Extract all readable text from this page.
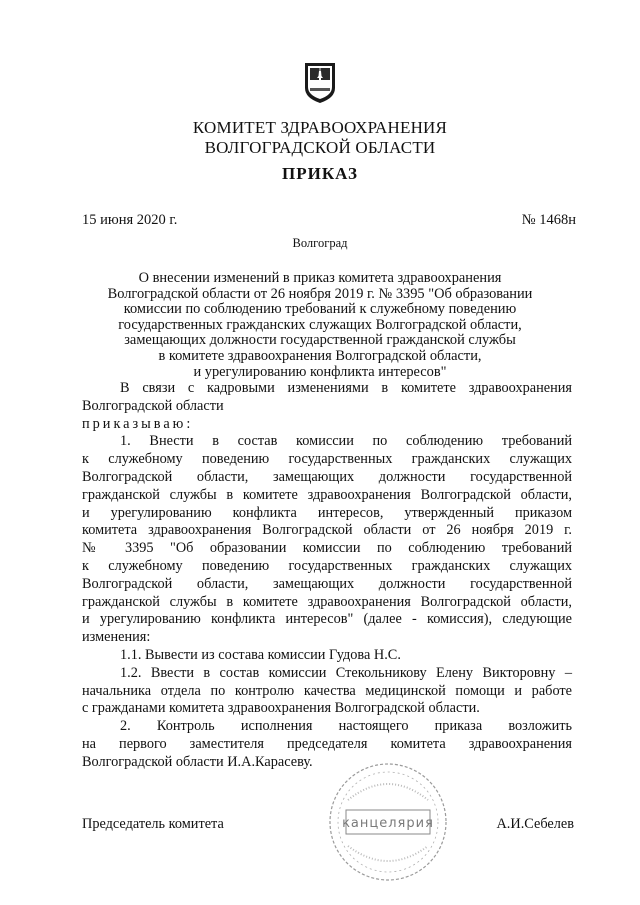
КОМИТЕТ ЗДРАВООХРАНЕНИЯ
ВОЛГОГРАДСКОЙ ОБЛАСТИ
ПРИКАЗ
15 июня 2020 г.	№ 1468н
Волгоград
О внесении изменений в приказ комитета здравоохранения
Волгоградской области от 26 ноября 2019 г. № 3395 "Об образовании
комиссии по соблюдению требований к служебному поведению
государственных гражданских служащих Волгоградской области,
замещающих должности государственной гражданской службы
в комитете здравоохранения Волгоградской области,
и урегулированию конфликта интересов"
В связи с кадровыми изменениями в комитете здравоохранения
Волгоградской области
приказываю:
1. Внести в состав комиссии по соблюдению требований
к служебному поведению государственных гражданских служащих
Волгоградской области, замещающих должности государственной
гражданской службы в комитете здравоохранения Волгоградской области,
и урегулированию конфликта интересов, утвержденный приказом
комитета здравоохранения Волгоградской области от 26 ноября 2019 г.
№ 3395 "Об образовании комиссии по соблюдению требований
к служебному поведению государственных гражданских служащих
Волгоградской области, замещающих должности государственной
гражданской службы в комитете здравоохранения Волгоградской области,
и урегулированию конфликта интересов" (далее - комиссия), следующие
изменения:
1.1. Вывести из состава комиссии Гудова Н.С.
1.2. Ввести в состав комиссии Стекольникову Елену Викторовну –
начальника отдела по контролю качества медицинской помощи и работе
с гражданами комитета здравоохранения Волгоградской области.
2. Контроль исполнения настоящего приказа возложить
на первого заместителя председателя комитета здравоохранения
Волгоградской области И.А.Карасеву.
канцелярия
Председатель комитета	А.И.Себелев
